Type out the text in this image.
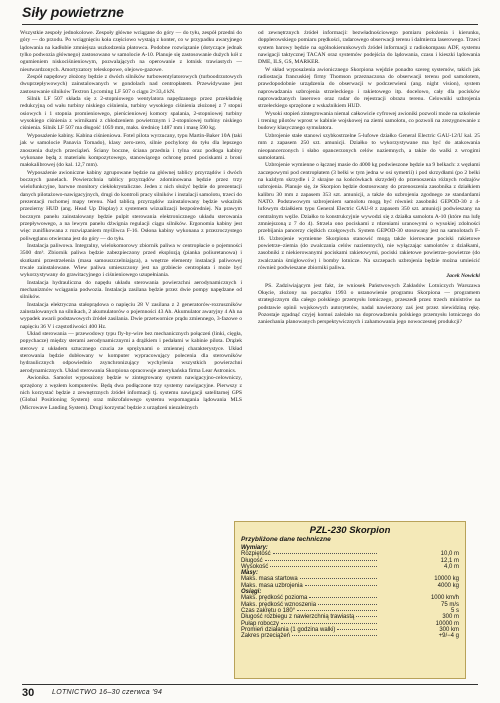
Siły powietrzne

Wszystkie zespoły jednokolowe. Zespoły główne wciągane do góry — do tyłu, zespół przedni do góry — do przodu. Po wciągnięciu koła częściowo wystają z konter, co w przypadku awaryjnego lądowania na kadłubie zmniejsza uszkodzenia płatowca. Podobne rozwiązanie (dotyczące jednak tylko podwozia głównego) zastosowano w samolocie A-10. Planuje się zastosowanie dużych kół z ogumieniem niskociśnieniowym, pozwalających na operowanie z lotnisk trawiastych — nieutwardzonych. Amortyzatory teleskopowe, olejowo-gazowe.

Zespół napędowy złożony będzie z dwóch silników turbowentylatorowych (turboodrzutowych dwuprzepływowych) zainstalowanych w gondolach nad centropłatem. Przewidywane jest zastosowanie silników Textron Lycoming LF 507 o ciągu 2×33,4 kN.

Silnik LF 507 składa się z 2-stopniowego wentylatora napędzanego przez przekładnię redukcyjną od wału turbiny niskiego ciśnienia, turbiny wysokiego ciśnienia złożonej z 7 stopni osiowych i 1 stopnia promieniowego, pierścieniowej komory spalania, 2-stopniowej turbiny wysokiego ciśnienia z wirnikami z chłodzeniem powietrznym i 2-stopniowej turbiny niskiego ciśnienia. Silnik LF 507 ma długość 1059 mm, maks. średnicę 1487 mm i masę 590 kg.

Wyposażenie kabiny. Kabina ciśnieniowa. Fotel pilota wyrzucany, typu Martin-Baker 10A (taki jak w samolocie Panavia Tornado), klasy zero-zero, silnie pochylony do tyłu dla lepszego znoszenia dużych przeciążeń. Ściany boczne, ściana przednia i tylna oraz podłoga kabiny wykonane będą z materiału kompozytowego, stanowiącego ochronę przed pociskami z broni małokalibrowej (do kal. 12,7 mm).

Wyposażenie awioniczne kabiny zgrupowane będzie na głównej tablicy przyrządów i dwóch bocznych panelach. Powierzchnia tablicy przyrządów zdominowana będzie przez trzy wielofunkcyjne, barwne monitory ciekłokrystaliczne. Jeden z nich służyć będzie do prezentacji danych pilotażowo-nawigacyjnych, drugi do kontroli pracy silników i instalacji samolotu, trzeci do prezentacji ruchomej mapy terenu. Nad tablicą przyrządów zainstalowany będzie wskaźnik przezierny HUD (ang. Head Up Display) z systemem wizualizacji bezpośredniej. Na prawym bocznym panelu zainstalowany będzie pulpit sterowania elektronicznego układu sterowania przepływowego, a na lewym panelu dźwignia regulacji ciągu silników. Ergonomia kabiny jest więc zunifikowana z rozwiązaniem myśliwca F-16. Osłona kabiny wykonana z przezroczystego poliwęglanu otwierana jest do góry — do tyłu.

Instalacja paliwowa. Integralny, wielokomorowy zbiornik paliwa w centropłacie o pojemności 3500 dm³. Zbiornik paliwa będzie zabezpieczony przed eksplozją (pianka poliuretanowa) i skutkami przestrzelenia (masa samouszczelniająca), a wnętrze elementy instalacji paliwowej trwale zainstalowane. Wlew paliwa umieszczony jest na grzbiecie centropłata i może być wykorzystywany do grawitacyjnego i ciśnieniowego uzupełniania.

Instalacja hydrauliczna do napędu układu sterowania powierzchni aerodynamicznych i mechanizmów wciągania podwozia. Instalacja zasilana będzie przez dwie pompy napędzane od silników.

Instalacja elektryczna stałoprądowa o napięciu 28 V zasilana z 2 generatorów-rozruszników zainstalowanych na silnikach, 2 akumulatorów o pojemności 43 Ah. Akumulator awaryjny 4 Ah na wypadek awarii podstawowych źródeł zasilania. Dwie przetwornice prądu zmiennego, 3-fazowe o napięciu 36 V i częstotliwości 400 Hz.

Układ sterowania — przewodowy typu fly-by-wire bez mechanicznych połączeń (linki, cięgła, popychacze) między sterami aerodynamicznymi a drążkiem i pedałami w kabinie pilota. Drążek sterowy z układem sztucznego czucia ze sprężynami o zmiennej charakterystyce. Układ sterowania będzie dubłowany w komputer wypracowujący polecenia dla sterowników hydraulicznych odpowiednio zsynchronizujący wychylenia wszystkich powierzchni aerodynamicznych. Układ sterowania Skorpiona opracowuje amerykańska firma Lear Astronics.

Awionika. Samolot wyposażony będzie w zintegrowany system nawigacyjno-celowniczy, sprzężony z węzłem komputerów. Będą dwa podłączone trzy systemy nawigacyjne. Pierwszy z nich korzystać będzie z zewnętrznych źródeł informacji tj. systemu nawigacji satelitarnej GPS (Global Positioning System) oraz mikrofalowego systemu wspomagania lądowania MLS (Microwave Landing System). Drugi korzystać będzie z urządzeń niezależnych

od zewnętrznych źródeł informacji: bezwładnościowego pomiaru położenia i kierunku, dopplerowskiego pomiaru prędkości, radarowego obserwacji terenu i dalmierza laserowego. Trzeci system barowy będzie na ogólnokierunkowych źródeł informacji z radiokompasu ADF, systemu nawigacji taktycznej TACAN oraz systemów podejścia do lądowania, czasu i kieszki lądowania DME, ILS, GS, MARKER.

W skład wyposażenia awionicznego Skorpiona wejdzie ponadto szereg systemów, takich jak radiostacja francuskiej firmy Thomson przeznaczona do obserwacji terenu pod samolotem, prawdopodobnie urządzenia do obserwacji w podczerwieni (ang. night vision), system naprowadzania uzbrojenia strzeleckiego i rakietowego itp. docelowo, cały dla pocisków naprowadzanych laserowo oraz radar do rejestracji obrazu terenu. Celowniki uzbrojenia strzeleckiego sprzężone z wskaźnikiem HUD.

Wysoki stopień zintegrowania niemal całkowicie cyfrowej awioniki pozwoli może na szkolenie i trening pilotów wprost w kabinie wojskowej na ziemi samolotu, co pozwoli na zrezygnowanie z budowy klasycznego symulatora.

Uzbrojenie stałe stanowi szybkostrzelne 5-lufowe działko General Electric GAU-12/U kal. 25 mm z zapasem 250 szt. amunicji. Działko to wykorzystywane ma być do atakowania nieopancerzonych i słabo opancerzonych celów naziemnych, a także do walki z wrogimi samolotami.

Uzbrojenie wymienne o łącznej masie do 4000 kg podwieszone będzie na 9 belkach: z węzłami zaczepowymi pod centropłatem (3 belki w tym jedna w osi symetrii) i pod skrzydłami (po 2 belki na każdym skrzydle i 2 skrajne na końcówkach skrzydeł) do przenoszenia różnych rodzajów uzbrojenia. Planuje się, że Skorpion będzie dostosowany do przenoszenia zasobnika z działkiem kalibru 30 mm z zapasem 353 szt. amunicji, a także do uzbrojenia zgodnego ze standardami NATO. Podstawowym uzbrojeniem samolotu mogą być również zasobniki GEPOD-30 z 4-lufowym działkiem typu General Electric GAU-8 z zapasem 350 szt. amunicji podwieszany na centralnym węźle. Działko to konstrukcyjnie wywodzi się z działka samolotu A-10 (które ma lufę zmniejszoną z 7 do 4). Strzela ono pociskami z rdzeniami uranowymi o wysokiej zdolności przebijania pancerzy ciężkich czołgowych. System GEPOD-30 stosowany jest na samolotach F-16. Uzbrojenie wymienne Skorpiona stanowić mogą także kierowane pociski rakietowe powietrze–ziemia (do zwalczania celów naziemnych), nie wyłączając samolotów z działkami, zasobniki z niekierowanymi pociskami rakietowymi, pociski rakietowe powietrze–powietrze (do zwalczania śmigłowców) i bomby lotnicze. Na szczepach uzbrojenia będzie można umieścić również podwieszane zbiorniki paliwa.

Jacek Nowicki

PS. Zadziwiającym jest fakt, że wniosek Państwowych Zakładów Lotniczych Warszawa Okęcie, złożony na początku 1993 o ustanowienie programu Skorpiona — programem strategicznym dla całego polskiego przemysłu lotniczego, przeszedł przez trzech ministrów na podstawie opinii wojskowych autorytetów, nadal nawierzony zaś jest przez niewidziną rękę. Pozostaje zgadnąć czyjej komuś zależało na doprowadzeniu polskiego przemysłu lotniczego do zaniechania planowanych perspektywicznych i zahamowania jego nowoczesnej produkcji?

PZL-230 Skorpion
Przybliżone dane techniczne
Wymiary:
Rozpiętość	10,0 m
Długość	12,1 m
Wysokość	4,0 m
Masy:
Maks. masa startowa	10000 kg
Maks. masa uzbrojenia	4000 kg
Osiągi:
Maks. prędkość pozioma	1000 km/h
Maks. prędkość wznoszenia	75 m/s
Czas zakrętu o 180°	5 s
Długość rozbiegu z nawierzchnią trawiastą	300 m
Pułap roboczy	10000 m
Promień działania (1 godzina walki)	300 km
Zakres przeciążeń	+9/−4 g
30	LOTNICTWO 16–30 czerwca '94
